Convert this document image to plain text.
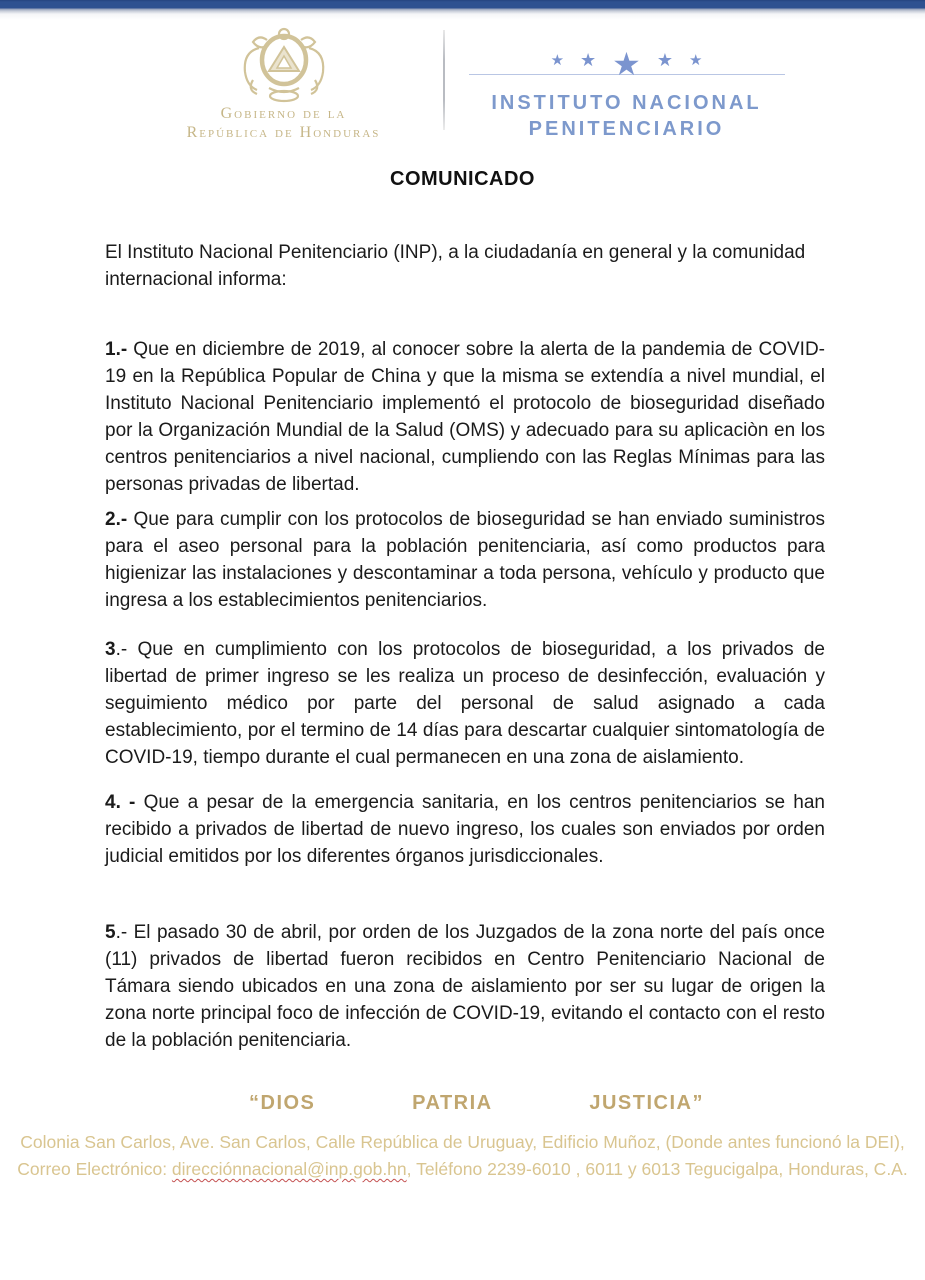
Gobierno de la
República de Honduras
★ ★ ★ ★ ★
INSTITUTO NACIONAL
PENITENCIARIO
COMUNICADO

El Instituto Nacional Penitenciario (INP), a la ciudadanía en general y la comunidad internacional informa:

1.- Que en diciembre de 2019, al conocer sobre la alerta de la pandemia de COVID-19 en la República Popular de China y que la misma se extendía a nivel mundial, el Instituto Nacional Penitenciario implementó el protocolo de bioseguridad diseñado por la Organización Mundial de la Salud (OMS) y adecuado para su aplicaciòn en los centros penitenciarios a nivel nacional, cumpliendo con las Reglas Mínimas para las personas privadas de libertad.

2.- Que para cumplir con los protocolos de bioseguridad se han enviado suministros para el aseo personal para la población penitenciaria, así como productos para higienizar las instalaciones y descontaminar a toda persona, vehículo y producto que ingresa a los establecimientos penitenciarios.

3.- Que en cumplimiento con los protocolos de bioseguridad, a los privados de libertad de primer ingreso se les realiza un proceso de desinfección, evaluación y seguimiento médico por parte del personal de salud asignado a cada establecimiento, por el termino de 14 días para descartar cualquier sintomatología de COVID-19, tiempo durante el cual permanecen en una zona de aislamiento.

4. - Que a pesar de la emergencia sanitaria, en los centros penitenciarios se han recibido a privados de libertad de nuevo ingreso, los cuales son enviados por orden judicial emitidos por los diferentes órganos jurisdiccionales.

5.- El pasado 30 de abril, por orden de los Juzgados de la zona norte del país once (11) privados de libertad fueron recibidos en Centro Penitenciario Nacional de Támara siendo ubicados en una zona de aislamiento por ser su lugar de origen la zona norte principal foco de infección de COVID-19, evitando el contacto con el resto de la población penitenciaria.

“DIOS	PATRIA	JUSTICIA”
Colonia San Carlos, Ave. San Carlos, Calle República de Uruguay, Edificio Muñoz, (Donde antes funcionó la DEI),
Correo Electrónico: direcciónnacional@inp.gob.hn, Teléfono 2239-6010 , 6011 y 6013 Tegucigalpa, Honduras, C.A.
